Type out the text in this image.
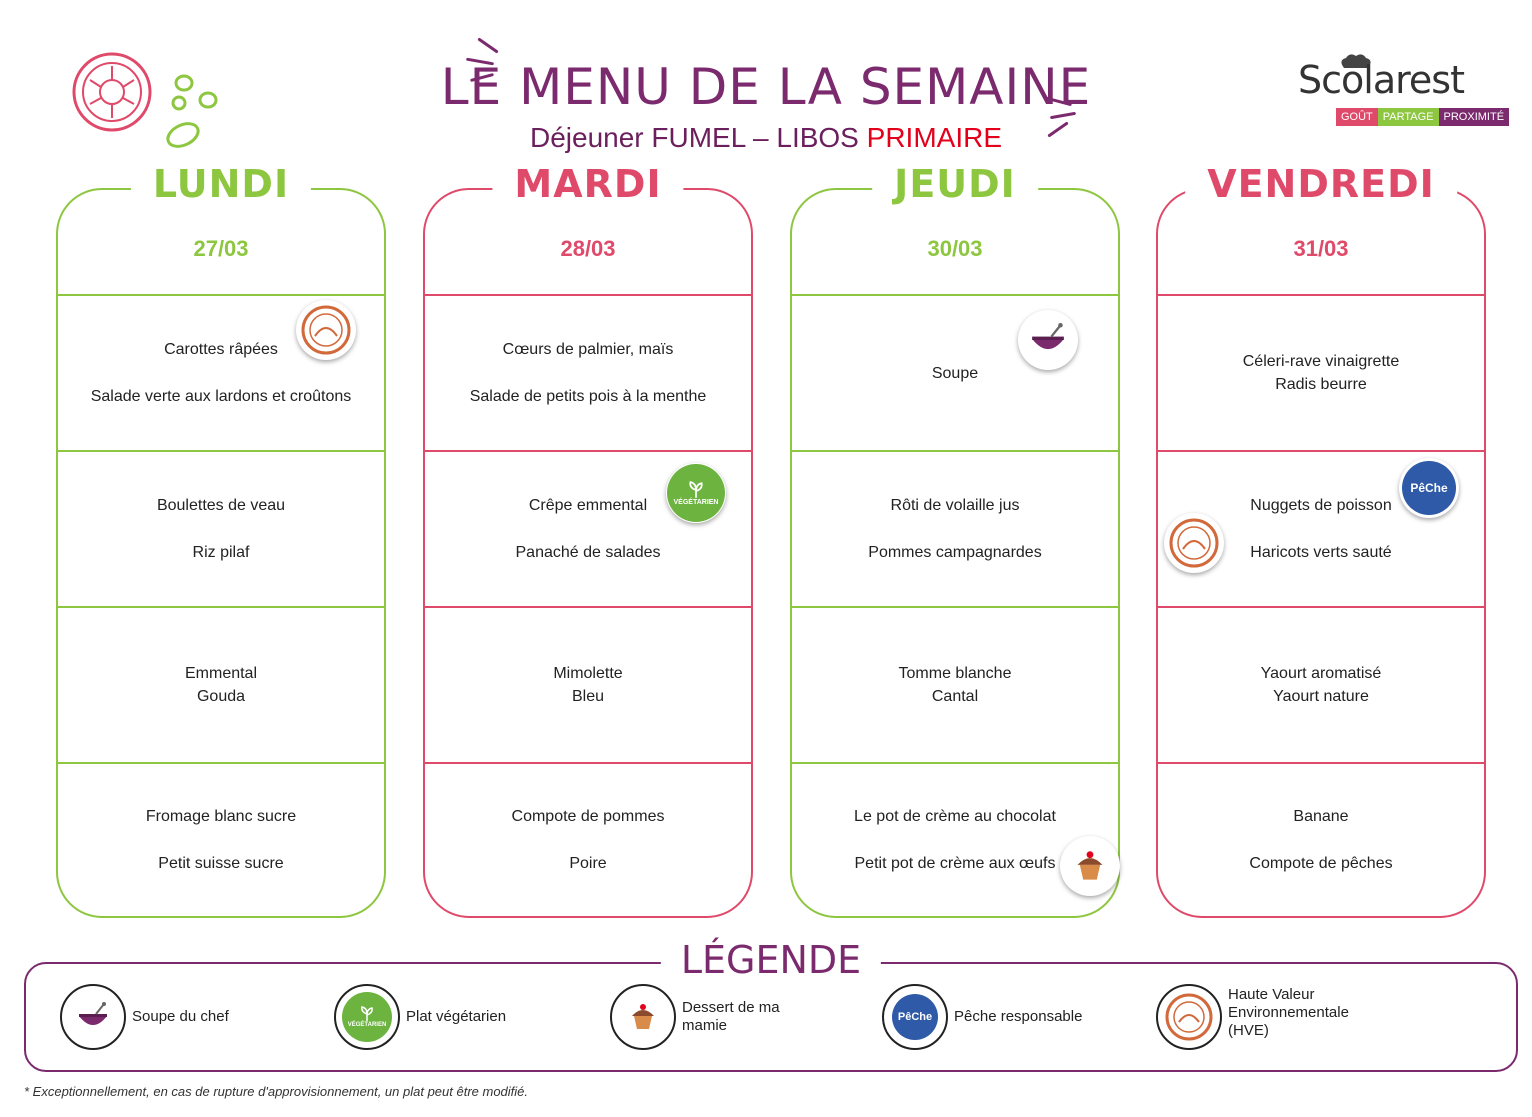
LE MENU DE LA SEMAINE
Déjeuner FUMEL – LIBOS PRIMAIRE
Scolarest
GOÛT PARTAGE PROXIMITÉ
LUNDI
27/03
Carottes râpées
Salade verte aux lardons et croûtons
Boulettes de veau
Riz pilaf
Emmental
Gouda
Fromage blanc sucre
Petit suisse sucre
MARDI
28/03
Cœurs de palmier, maïs
Salade de petits pois à la menthe
Crêpe emmental
Panaché de salades
Mimolette
Bleu
Compote de pommes
Poire
JEUDI
30/03
Soupe
Rôti de volaille jus
Pommes campagnardes
Tomme blanche
Cantal
Le pot de crème au chocolat
Petit pot de crème aux œufs
VENDREDI
31/03
Céleri-rave vinaigrette
Radis beurre
Nuggets de poisson
Haricots verts sauté
Yaourt aromatisé
Yaourt nature
Banane
Compote de pêches
LÉGENDE
Soupe du chef	VÉGÉTARIEN Plat végétarien
Dessert de ma mamie	PêChe	Pêche responsable
Haute Valeur Environnementale (HVE)
* Exceptionnellement, en cas de rupture d'approvisionnement, un plat peut être modifié.
VÉGÉTARIEN
PêChe
